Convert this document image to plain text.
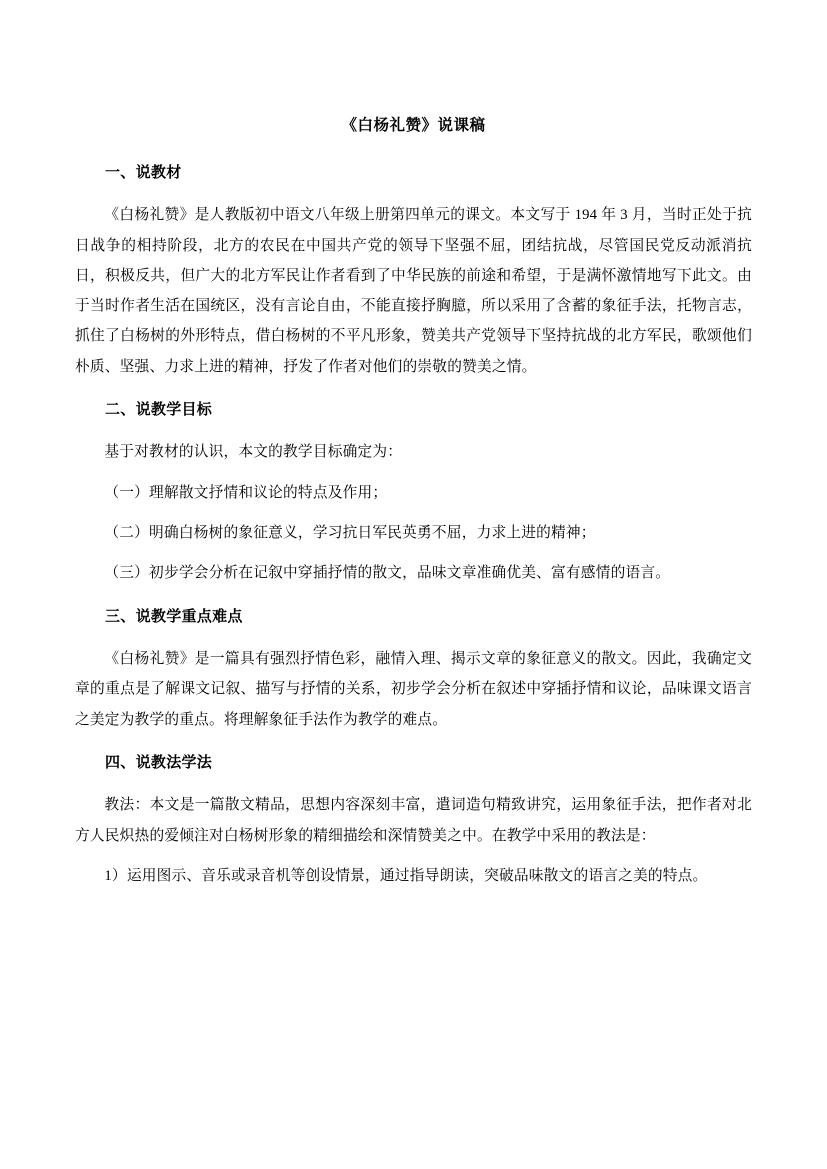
《白杨礼赞》说课稿
一、说教材

《白杨礼赞》是人教版初中语文八年级上册第四单元的课文。本文写于 194 年 3 月，当时正处于抗日战争的相持阶段，北方的农民在中国共产党的领导下坚强不屈，团结抗战，尽管国民党反动派消抗日，积极反共，但广大的北方军民让作者看到了中华民族的前途和希望，于是满怀激情地写下此文。由于当时作者生活在国统区，没有言论自由，不能直接抒胸臆，所以采用了含蓄的象征手法，托物言志，抓住了白杨树的外形特点，借白杨树的不平凡形象，赞美共产党领导下坚持抗战的北方军民，歌颂他们朴质、坚强、力求上进的精神，抒发了作者对他们的崇敬的赞美之情。

二、说教学目标

基于对教材的认识，本文的教学目标确定为：

（一）理解散文抒情和议论的特点及作用；

（二）明确白杨树的象征意义，学习抗日军民英勇不屈，力求上进的精神；

（三）初步学会分析在记叙中穿插抒情的散文，品味文章准确优美、富有感情的语言。

三、说教学重点难点

《白杨礼赞》是一篇具有强烈抒情色彩，融情入理、揭示文章的象征意义的散文。因此，我确定文章的重点是了解课文记叙、描写与抒情的关系，初步学会分析在叙述中穿插抒情和议论，品味课文语言之美定为教学的重点。将理解象征手法作为教学的难点。

四、说教法学法

教法：本文是一篇散文精品，思想内容深刻丰富，遣词造句精致讲究，运用象征手法，把作者对北方人民炽热的爱倾注对白杨树形象的精细描绘和深情赞美之中。在教学中采用的教法是：

1）运用图示、音乐或录音机等创设情景，通过指导朗读，突破品味散文的语言之美的特点。
